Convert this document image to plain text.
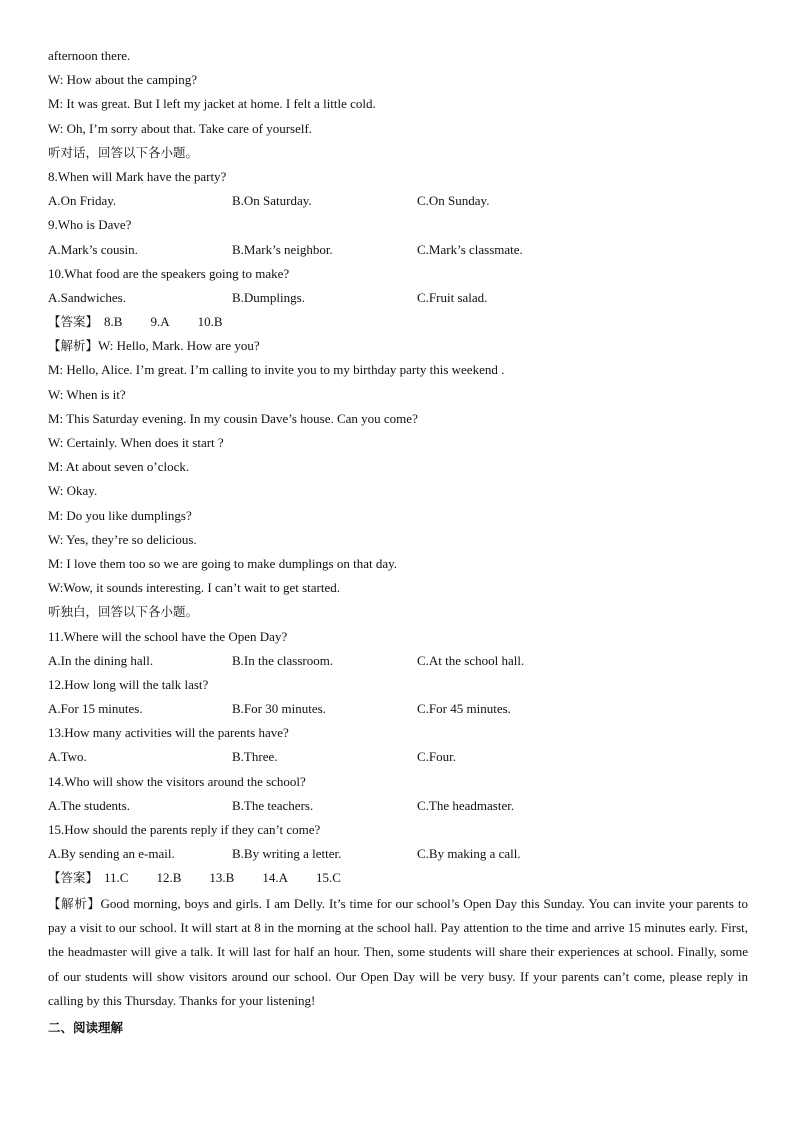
afternoon there.
W: How about the camping?
M: It was great. But I left my jacket at home. I felt a little cold.
W: Oh, I’m sorry about that. Take care of yourself.
听对话，回答以下各小题。
8.When will Mark have the party?
A.On Friday.	B.On Saturday.	C.On Sunday.
9.Who is Dave?
A.Mark’s cousin.	B.Mark’s neighbor.	C.Mark’s classmate.
10.What food are the speakers going to make?
A.Sandwiches.	B.Dumplings.	C.Fruit salad.
【答案】 8.B 9.A 10.B
【解析】W: Hello, Mark. How are you?
M: Hello, Alice. I’m great. I’m calling to invite you to my birthday party this weekend .
W: When is it?
M: This Saturday evening. In my cousin Dave’s house. Can you come?
W: Certainly. When does it start ?
M: At about seven o’clock.
W: Okay.
M: Do you like dumplings?
W: Yes, they’re so delicious.
M: I love them too so we are going to make dumplings on that day.
W:Wow, it sounds interesting. I can’t wait to get started.
听独白，回答以下各小题。
11.Where will the school have the Open Day?
A.In the dining hall.	B.In the classroom.	C.At the school hall.
12.How long will the talk last?
A.For 15 minutes.	B.For 30 minutes.	C.For 45 minutes.
13.How many activities will the parents have?
A.Two.	B.Three.	C.Four.
14.Who will show the visitors around the school?
A.The students.	B.The teachers.	C.The headmaster.
15.How should the parents reply if they can’t come?
A.By sending an e-mail.	B.By writing a letter.	C.By making a call.
【答案】 11.C 12.B 13.B 14.A 15.C
【解析】Good morning, boys and girls. I am Delly. It’s time for our school’s Open Day this Sunday. You can invite your parents to pay a visit to our school. It will start at 8 in the morning at the school hall. Pay attention to the time and arrive 15 minutes early. First, the headmaster will give a talk. It will last for half an hour. Then, some students will share their experiences at school. Finally, some of our students will show visitors around our school. Our Open Day will be very busy. If your parents can’t come, please reply in calling by this Thursday. Thanks for your listening!
二、阅读理解
